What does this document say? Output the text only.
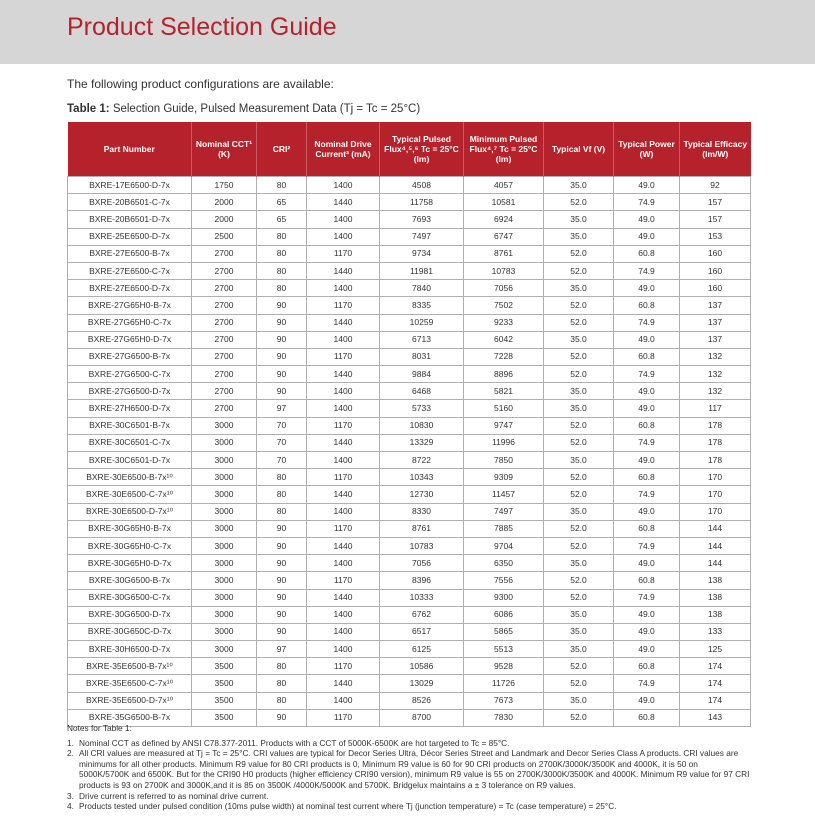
Product Selection Guide
The following product configurations are available:
Table 1: Selection Guide, Pulsed Measurement Data (Tj = Tc = 25°C)
Part Number	Nominal CCT¹ (K)	CRI²	Nominal Drive Current³ (mA)	Typical Pulsed Flux⁴,⁵,⁶ Tc = 25°C (lm)	Minimum Pulsed Flux⁴,⁷ Tc = 25°C (lm)	Typical Vf (V)	Typical Power (W)	Typical Efficacy (lm/W)
BXRE-17E6500-D-7x	1750	80	1400	4508	4057	35.0	49.0	92
BXRE-20B6501-C-7x	2000	65	1440	11758	10581	52.0	74.9	157
BXRE-20B6501-D-7x	2000	65	1400	7693	6924	35.0	49.0	157
BXRE-25E6500-D-7x	2500	80	1400	7497	6747	35.0	49.0	153
BXRE-27E6500-B-7x	2700	80	1170	9734	8761	52.0	60.8	160
BXRE-27E6500-C-7x	2700	80	1440	11981	10783	52.0	74.9	160
BXRE-27E6500-D-7x	2700	80	1400	7840	7056	35.0	49.0	160
BXRE-27G65H0-B-7x	2700	90	1170	8335	7502	52.0	60.8	137
BXRE-27G65H0-C-7x	2700	90	1440	10259	9233	52.0	74.9	137
BXRE-27G65H0-D-7x	2700	90	1400	6713	6042	35.0	49.0	137
BXRE-27G6500-B-7x	2700	90	1170	8031	7228	52.0	60.8	132
BXRE-27G6500-C-7x	2700	90	1440	9884	8896	52.0	74.9	132
BXRE-27G6500-D-7x	2700	90	1400	6468	5821	35.0	49.0	132
BXRE-27H6500-D-7x	2700	97	1400	5733	5160	35.0	49.0	117
BXRE-30C6501-B-7x	3000	70	1170	10830	9747	52.0	60.8	178
BXRE-30C6501-C-7x	3000	70	1440	13329	11996	52.0	74.9	178
BXRE-30C6501-D-7x	3000	70	1400	8722	7850	35.0	49.0	178
BXRE-30E6500-B-7x¹⁰	3000	80	1170	10343	9309	52.0	60.8	170
BXRE-30E6500-C-7x¹⁰	3000	80	1440	12730	11457	52.0	74.9	170
BXRE-30E6500-D-7x¹⁰	3000	80	1400	8330	7497	35.0	49.0	170
BXRE-30G65H0-B-7x	3000	90	1170	8761	7885	52.0	60.8	144
BXRE-30G65H0-C-7x	3000	90	1440	10783	9704	52.0	74.9	144
BXRE-30G65H0-D-7x	3000	90	1400	7056	6350	35.0	49.0	144
BXRE-30G6500-B-7x	3000	90	1170	8396	7556	52.0	60.8	138
BXRE-30G6500-C-7x	3000	90	1440	10333	9300	52.0	74.9	138
BXRE-30G6500-D-7x	3000	90	1400	6762	6086	35.0	49.0	138
BXRE-30G650C-D-7x	3000	90	1400	6517	5865	35.0	49.0	133
BXRE-30H6500-D-7x	3000	97	1400	6125	5513	35.0	49.0	125
BXRE-35E6500-B-7x¹⁰	3500	80	1170	10586	9528	52.0	60.8	174
BXRE-35E6500-C-7x¹⁰	3500	80	1440	13029	11726	52.0	74.9	174
BXRE-35E6500-D-7x¹⁰	3500	80	1400	8526	7673	35.0	49.0	174
BXRE-35G6500-B-7x	3500	90	1170	8700	7830	52.0	60.8	143
Notes for Table 1:
1. Nominal CCT as defined by ANSI C78.377-2011. Products with a CCT of 5000K-6500K are hot targeted to Tc = 85°C.
2. All CRI values are measured at Tj = Tc = 25°C. CRI values are typical for Decor Series Ultra, Décor Series Street and Landmark and Decor Series Class A products. CRI values are minimums for all other products. Minimum R9 value for 80 CRI products is 0, Minimum R9 value is 60 for 90 CRI products on 2700K/3000K/3500K and 4000K, it is 50 on 5000K/5700K and 6500K. But for the CRI90 H0 products (higher efficiency CRI90 version), minimum R9 value is 55 on 2700K/3000K/3500K and 4000K. Minimum R9 value for 97 CRI products is 93 on 2700K and 3000K,and it is 85 on 3500K /4000K/5000K and 5700K. Bridgelux maintains a ± 3 tolerance on R9 values.
3. Drive current is referred to as nominal drive current.
4. Products tested under pulsed condition (10ms pulse width) at nominal test current where Tj (junction temperature) = Tc (case temperature) = 25°C.
